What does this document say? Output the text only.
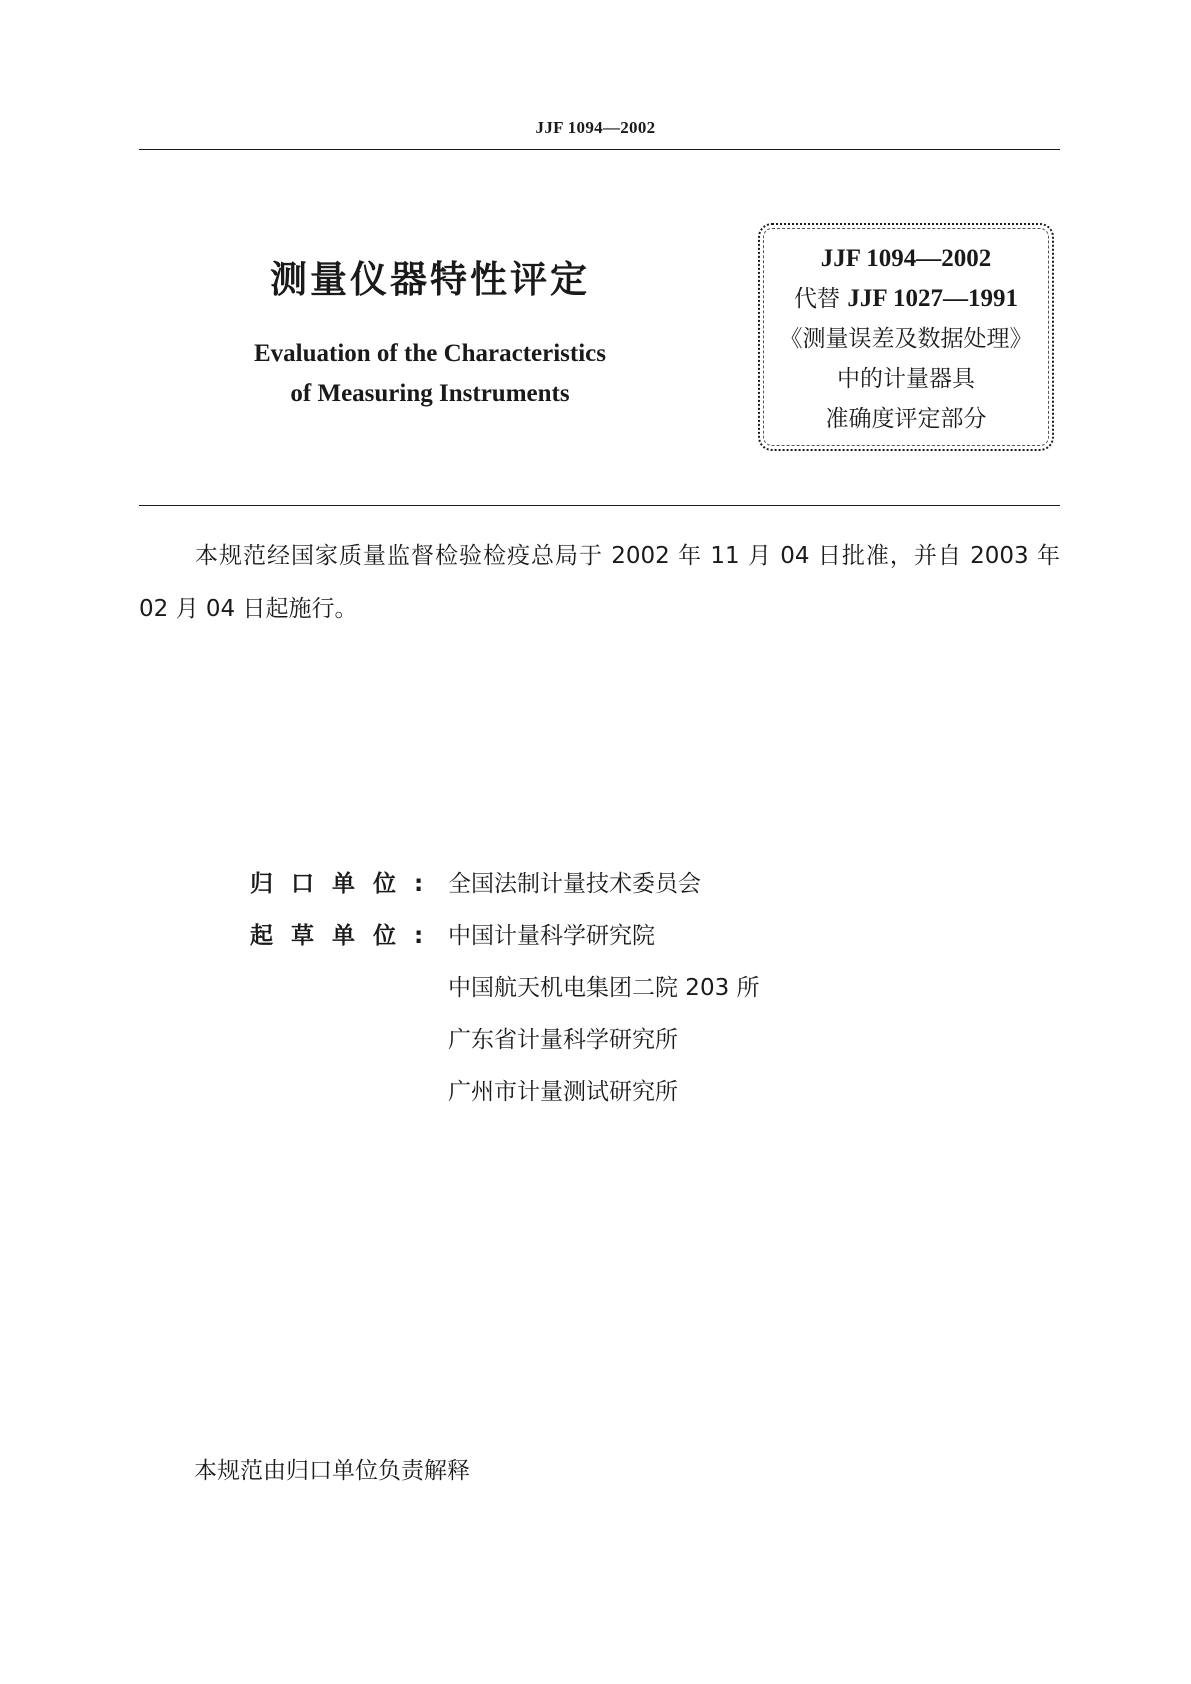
JJF 1094—2002
测量仪器特性评定
Evaluation of the Characteristics
of Measuring Instruments
JJF 1094—2002
代替 JJF 1027—1991
《测量误差及数据处理》
中的计量器具
准确度评定部分
本规范经国家质量监督检验检疫总局于 2002 年 11 月 04 日批准，并自 2003 年 02 月 04 日起施行。
归口单位: 全国法制计量技术委员会
起草单位: 中国计量科学研究院
中国航天机电集团二院 203 所
广东省计量科学研究所
广州市计量测试研究所
本规范由归口单位负责解释
